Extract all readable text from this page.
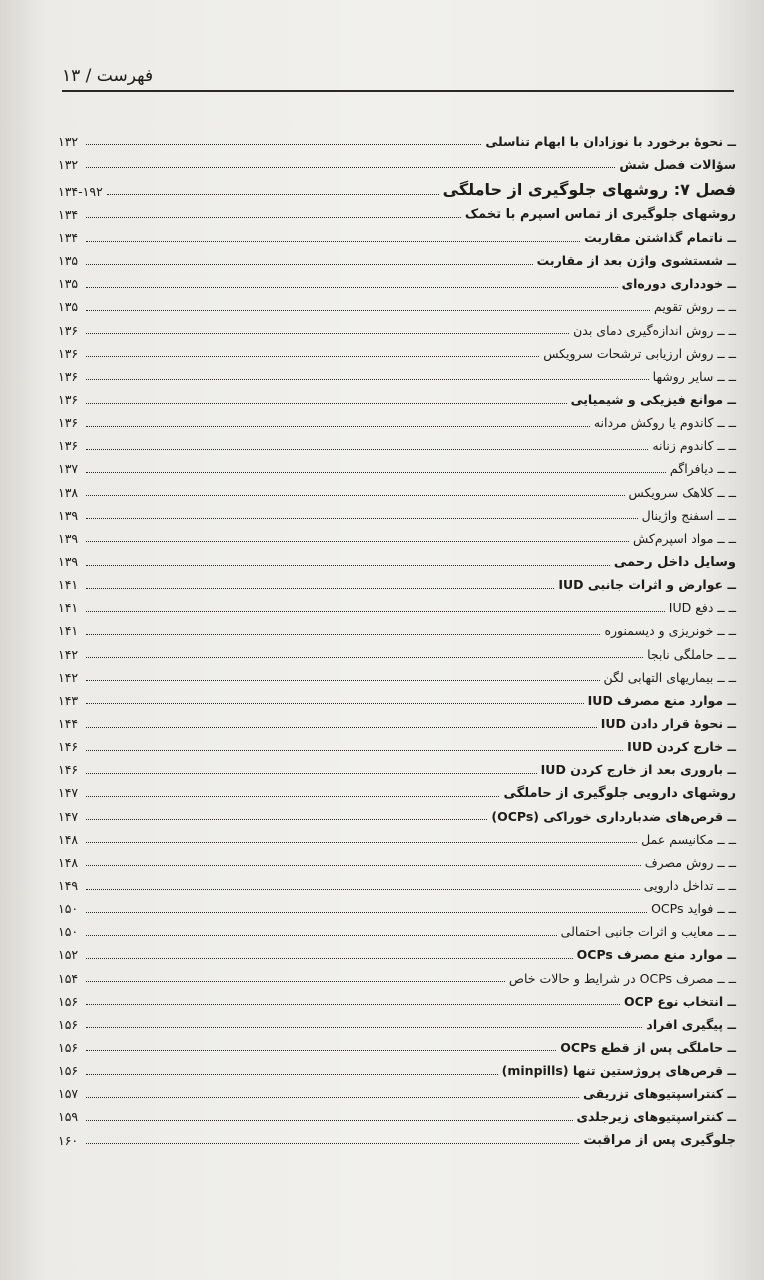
فهرست / ۱۳
ــ نحوهٔ برخورد با نوزادان با ابهام تناسلی
۱۳۲
سؤالات فصل شش
۱۳۲
فصل ۷: روشهای جلوگیری از حاملگی
۱۳۴-۱۹۲
روشهای جلوگیری از تماس اسپرم با تخمک
۱۳۴
ــ ناتمام گذاشتن مقاربت
۱۳۴
ــ شستشوی واژن بعد از مقاربت
۱۳۵
ــ خودداری دوره‌ای
۱۳۵
ــ ــ روش تقویم
۱۳۵
ــ ــ روش اندازه‌گیری دمای بدن
۱۳۶
ــ ــ روش ارزیابی ترشحات سرویکس
۱۳۶
ــ ــ سایر روشها
۱۳۶
ــ موانع فیزیکی و شیمیایی
۱۳۶
ــ ــ کاندوم یا روکش مردانه
۱۳۶
ــ ــ کاندوم زنانه
۱۳۶
ــ ــ دیافراگم
۱۳۷
ــ ــ کلاهک سرویکس
۱۳۸
ــ ــ اسفنج واژینال
۱۳۹
ــ ــ مواد اسپرم‌کش
۱۳۹
وسایل داخل رحمی
۱۳۹
ــ عوارض و اثرات جانبی IUD
۱۴۱
ــ ــ دفع IUD
۱۴۱
ــ ــ خونریزی و دیسمنوره
۱۴۱
ــ ــ حاملگی نابجا
۱۴۲
ــ ــ بیماریهای التهابی لگن
۱۴۲
ــ موارد منع مصرف IUD
۱۴۳
ــ نحوهٔ قرار دادن IUD
۱۴۴
ــ خارج کردن IUD
۱۴۶
ــ باروری بعد از خارج کردن IUD
۱۴۶
روشهای دارویی جلوگیری از حاملگی
۱۴۷
ــ قرص‌های ضدبارداری خوراکی (OCPs)
۱۴۷
ــ ــ مکانیسم عمل
۱۴۸
ــ ــ روش مصرف
۱۴۸
ــ ــ تداخل دارویی
۱۴۹
ــ ــ فواید OCPs
۱۵۰
ــ ــ معایب و اثرات جانبی احتمالی
۱۵۰
ــ موارد منع مصرف OCPs
۱۵۲
ــ ــ مصرف OCPs در شرایط و حالات خاص
۱۵۴
ــ انتخاب نوع OCP
۱۵۶
ــ پیگیری افراد
۱۵۶
ــ حاملگی پس از قطع OCPs
۱۵۶
ــ قرص‌های پروژستین تنها (minpills)
۱۵۶
ــ کنتراسپتیوهای تزریقی
۱۵۷
ــ کنتراسپتیوهای زیرجلدی
۱۵۹
جلوگیری پس از مراقبت
۱۶۰
